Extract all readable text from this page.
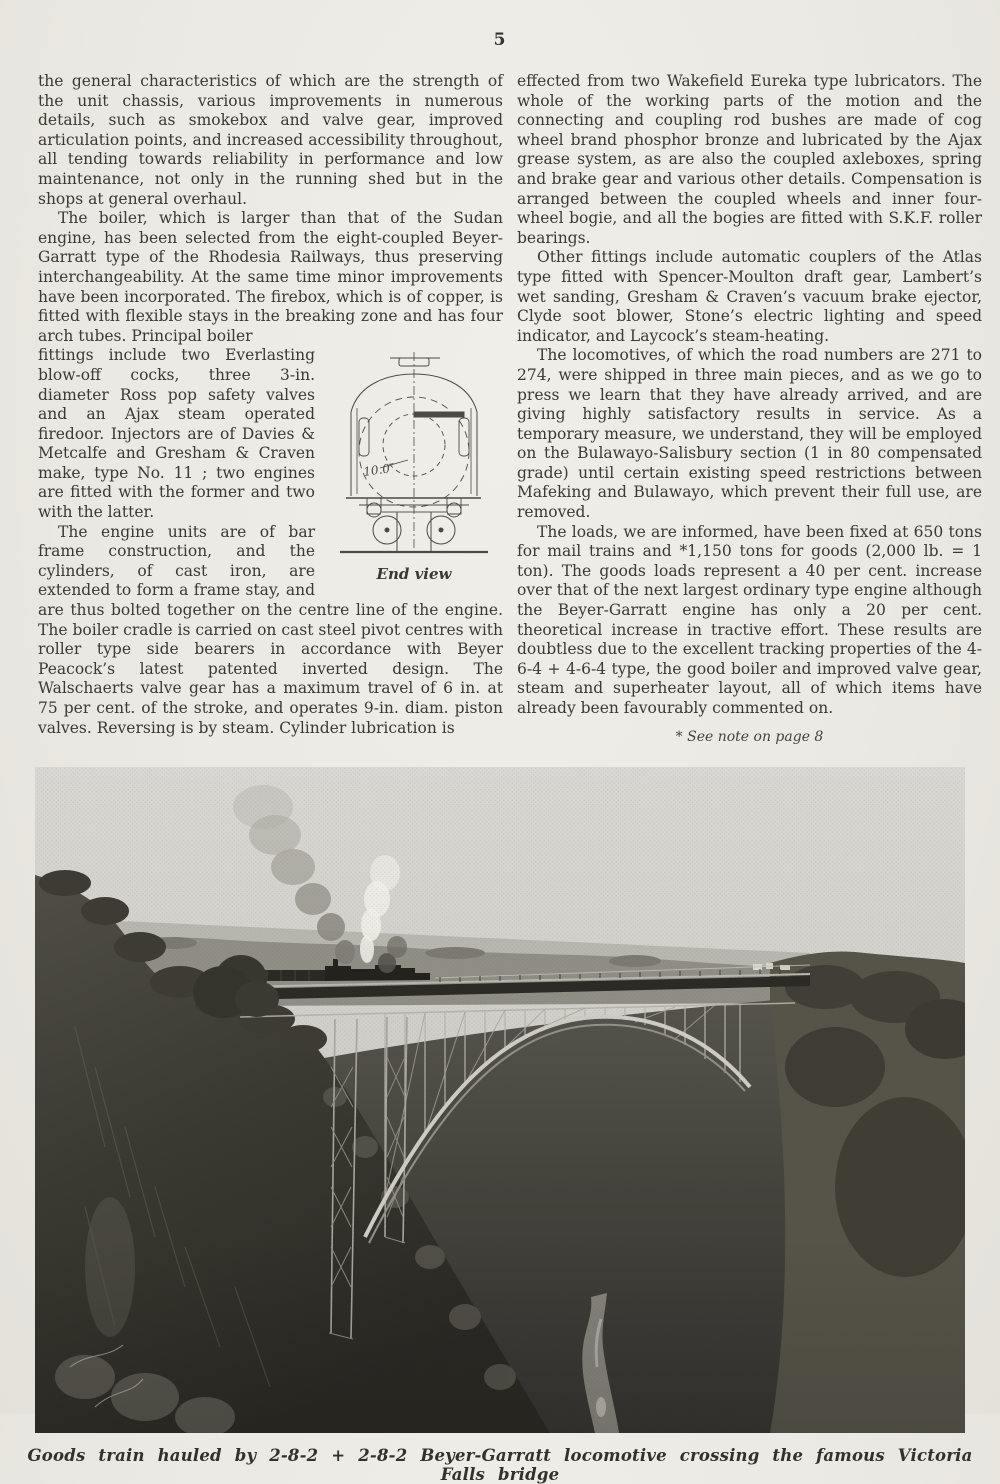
5

the general characteristics of which are the strength of the unit chassis, various improvements in numerous details, such as smokebox and valve gear, improved articulation points, and increased accessibility throughout, all tending towards reliability in performance and low maintenance, not only in the running shed but in the shops at general overhaul.

The boiler, which is larger than that of the Sudan engine, has been selected from the eight-coupled Beyer-Garratt type of the Rhodesia Railways, thus preserving interchangeability. At the same time minor improvements have been incorporated. The firebox, which is of copper, is fitted with flexible stays in the breaking zone and has four arch tubes. Principal boiler

10.0″
End view

fittings include two Everlasting blow-off cocks, three 3-in. diameter Ross pop safety valves and an Ajax steam operated firedoor. Injectors are of Davies & Metcalfe and Gresham & Craven make, type No. 11 ; two engines are fitted with the former and two with the latter.

The engine units are of bar frame construction, and the cylinders, of cast iron, are extended to form a frame stay, and are thus bolted together on the centre line of the engine. The boiler cradle is carried on cast steel pivot centres with roller type side bearers in accordance with Beyer Peacock’s latest patented inverted design. The Walschaerts valve gear has a maximum travel of 6 in. at 75 per cent. of the stroke, and operates 9-in. diam. piston valves. Reversing is by steam. Cylinder lubrication is

effected from two Wakefield Eureka type lubricators. The whole of the working parts of the motion and the connecting and coupling rod bushes are made of cog wheel brand phosphor bronze and lubricated by the Ajax grease system, as are also the coupled axleboxes, spring and brake gear and various other details. Compensation is arranged between the coupled wheels and inner four-wheel bogie, and all the bogies are fitted with S.K.F. roller bearings.

Other fittings include automatic couplers of the Atlas type fitted with Spencer-Moulton draft gear, Lambert’s wet sanding, Gresham & Craven’s vacuum brake ejector, Clyde soot blower, Stone’s electric lighting and speed indicator, and Laycock’s steam-heating.

The locomotives, of which the road numbers are 271 to 274, were shipped in three main pieces, and as we go to press we learn that they have already arrived, and are giving highly satisfactory results in service. As a temporary measure, we understand, they will be employed on the Bulawayo-Salisbury section (1 in 80 compensated grade) until certain existing speed restrictions between Mafeking and Bulawayo, which prevent their full use, are removed.

The loads, we are informed, have been fixed at 650 tons for mail trains and *1,150 tons for goods (2,000 lb. = 1 ton). The goods loads represent a 40 per cent. increase over that of the next largest ordinary type engine although the Beyer-Garratt engine has only a 20 per cent. theoretical increase in tractive effort. These results are doubtless due to the excellent tracking properties of the 4-6-4 + 4-6-4 type, the good boiler and improved valve gear, steam and superheater layout, all of which items have already been favourably commented on.

* See note on page 8
Goods train hauled by 2-8-2 + 2-8-2 Beyer-Garratt locomotive crossing the famous Victoria Falls bridge
